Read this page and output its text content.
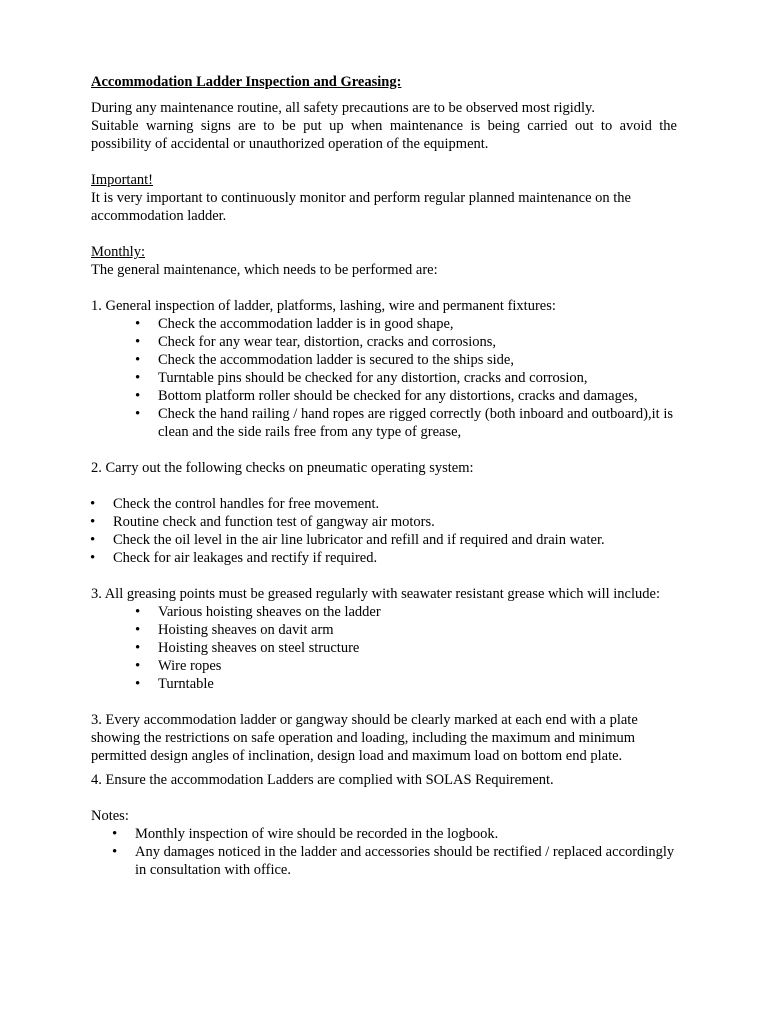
Accommodation Ladder Inspection and Greasing:

During any maintenance routine, all safety precautions are to be observed most rigidly.

Suitable warning signs are to be put up when maintenance is being carried out to avoid the possibility of accidental or unauthorized operation of the equipment.

Important!

It is very important to continuously monitor and perform regular planned maintenance on the accommodation ladder.

Monthly:

The general maintenance, which needs to be performed are:

1. General inspection of ladder, platforms, lashing, wire and permanent fixtures:

• Check the accommodation ladder is in good shape,
• Check for any wear tear, distortion, cracks and corrosions,
• Check the accommodation ladder is secured to the ships side,
• Turntable pins should be checked for any distortion, cracks and corrosion,
• Bottom platform roller should be checked for any distortions, cracks and damages,
• Check the hand railing / hand ropes are rigged correctly (both inboard and outboard),it is clean and the side rails free from any type of grease,

2. Carry out the following checks on pneumatic operating system:

• Check the control handles for free movement.
• Routine check and function test of gangway air motors.
• Check the oil level in the air line lubricator and refill and if required and drain water.
• Check for air leakages and rectify if required.

3. All greasing points must be greased regularly with seawater resistant grease which will include:

• Various hoisting sheaves on the ladder
• Hoisting sheaves on davit arm
• Hoisting sheaves on steel structure
• Wire ropes
• Turntable

3. Every accommodation ladder or gangway should be clearly marked at each end with a plate showing the restrictions on safe operation and loading, including the maximum and minimum permitted design angles of inclination, design load and maximum load on bottom end plate.

4. Ensure the accommodation Ladders are complied with SOLAS Requirement.

Notes:

• Monthly inspection of wire should be recorded in the logbook.
• Any damages noticed in the ladder and accessories should be rectified / replaced accordingly in consultation with office.
